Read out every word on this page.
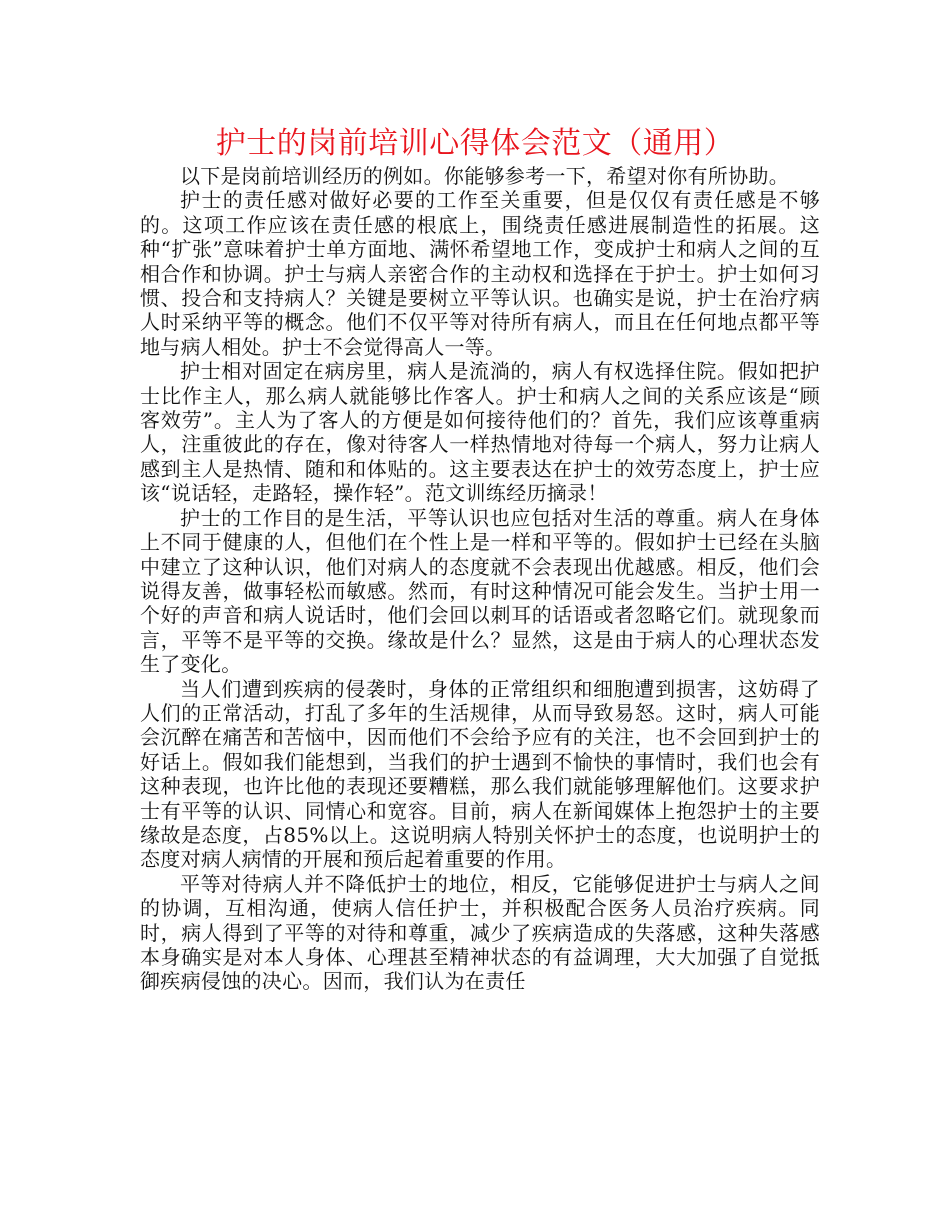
护士的岗前培训心得体会范文（通用）

以下是岗前培训经历的例如。你能够参考一下，希望对你有所协助。

护士的责任感对做好必要的工作至关重要，但是仅仅有责任感是不够的。这项工作应该在责任感的根底上，围绕责任感进展制造性的拓展。这种“扩张”意味着护士单方面地、满怀希望地工作，变成护士和病人之间的互相合作和协调。护士与病人亲密合作的主动权和选择在于护士。护士如何习惯、投合和支持病人？关键是要树立平等认识。也确实是说，护士在治疗病人时采纳平等的概念。他们不仅平等对待所有病人，而且在任何地点都平等地与病人相处。护士不会觉得高人一等。

护士相对固定在病房里，病人是流淌的，病人有权选择住院。假如把护士比作主人，那么病人就能够比作客人。护士和病人之间的关系应该是“顾客效劳”。主人为了客人的方便是如何接待他们的？首先，我们应该尊重病人，注重彼此的存在，像对待客人一样热情地对待每一个病人，努力让病人感到主人是热情、随和和体贴的。这主要表达在护士的效劳态度上，护士应该“说话轻，走路轻，操作轻”。范文训练经历摘录！

护士的工作目的是生活，平等认识也应包括对生活的尊重。病人在身体上不同于健康的人，但他们在个性上是一样和平等的。假如护士已经在头脑中建立了这种认识，他们对病人的态度就不会表现出优越感。相反，他们会说得友善，做事轻松而敏感。然而，有时这种情况可能会发生。当护士用一个好的声音和病人说话时，他们会回以刺耳的话语或者忽略它们。就现象而言，平等不是平等的交换。缘故是什么？显然，这是由于病人的心理状态发生了变化。

当人们遭到疾病的侵袭时，身体的正常组织和细胞遭到损害，这妨碍了人们的正常活动，打乱了多年的生活规律，从而导致易怒。这时，病人可能会沉醉在痛苦和苦恼中，因而他们不会给予应有的关注，也不会回到护士的好话上。假如我们能想到，当我们的护士遇到不愉快的事情时，我们也会有这种表现，也许比他的表现还要糟糕，那么我们就能够理解他们。这要求护士有平等的认识、同情心和宽容。目前，病人在新闻媒体上抱怨护士的主要缘故是态度，占85%以上。这说明病人特别关怀护士的态度，也说明护士的态度对病人病情的开展和预后起着重要的作用。

平等对待病人并不降低护士的地位，相反，它能够促进护士与病人之间的协调，互相沟通，使病人信任护士，并积极配合医务人员治疗疾病。同时，病人得到了平等的对待和尊重，减少了疾病造成的失落感，这种失落感本身确实是对本人身体、心理甚至精神状态的有益调理，大大加强了自觉抵御疾病侵蚀的决心。因而，我们认为在责任
